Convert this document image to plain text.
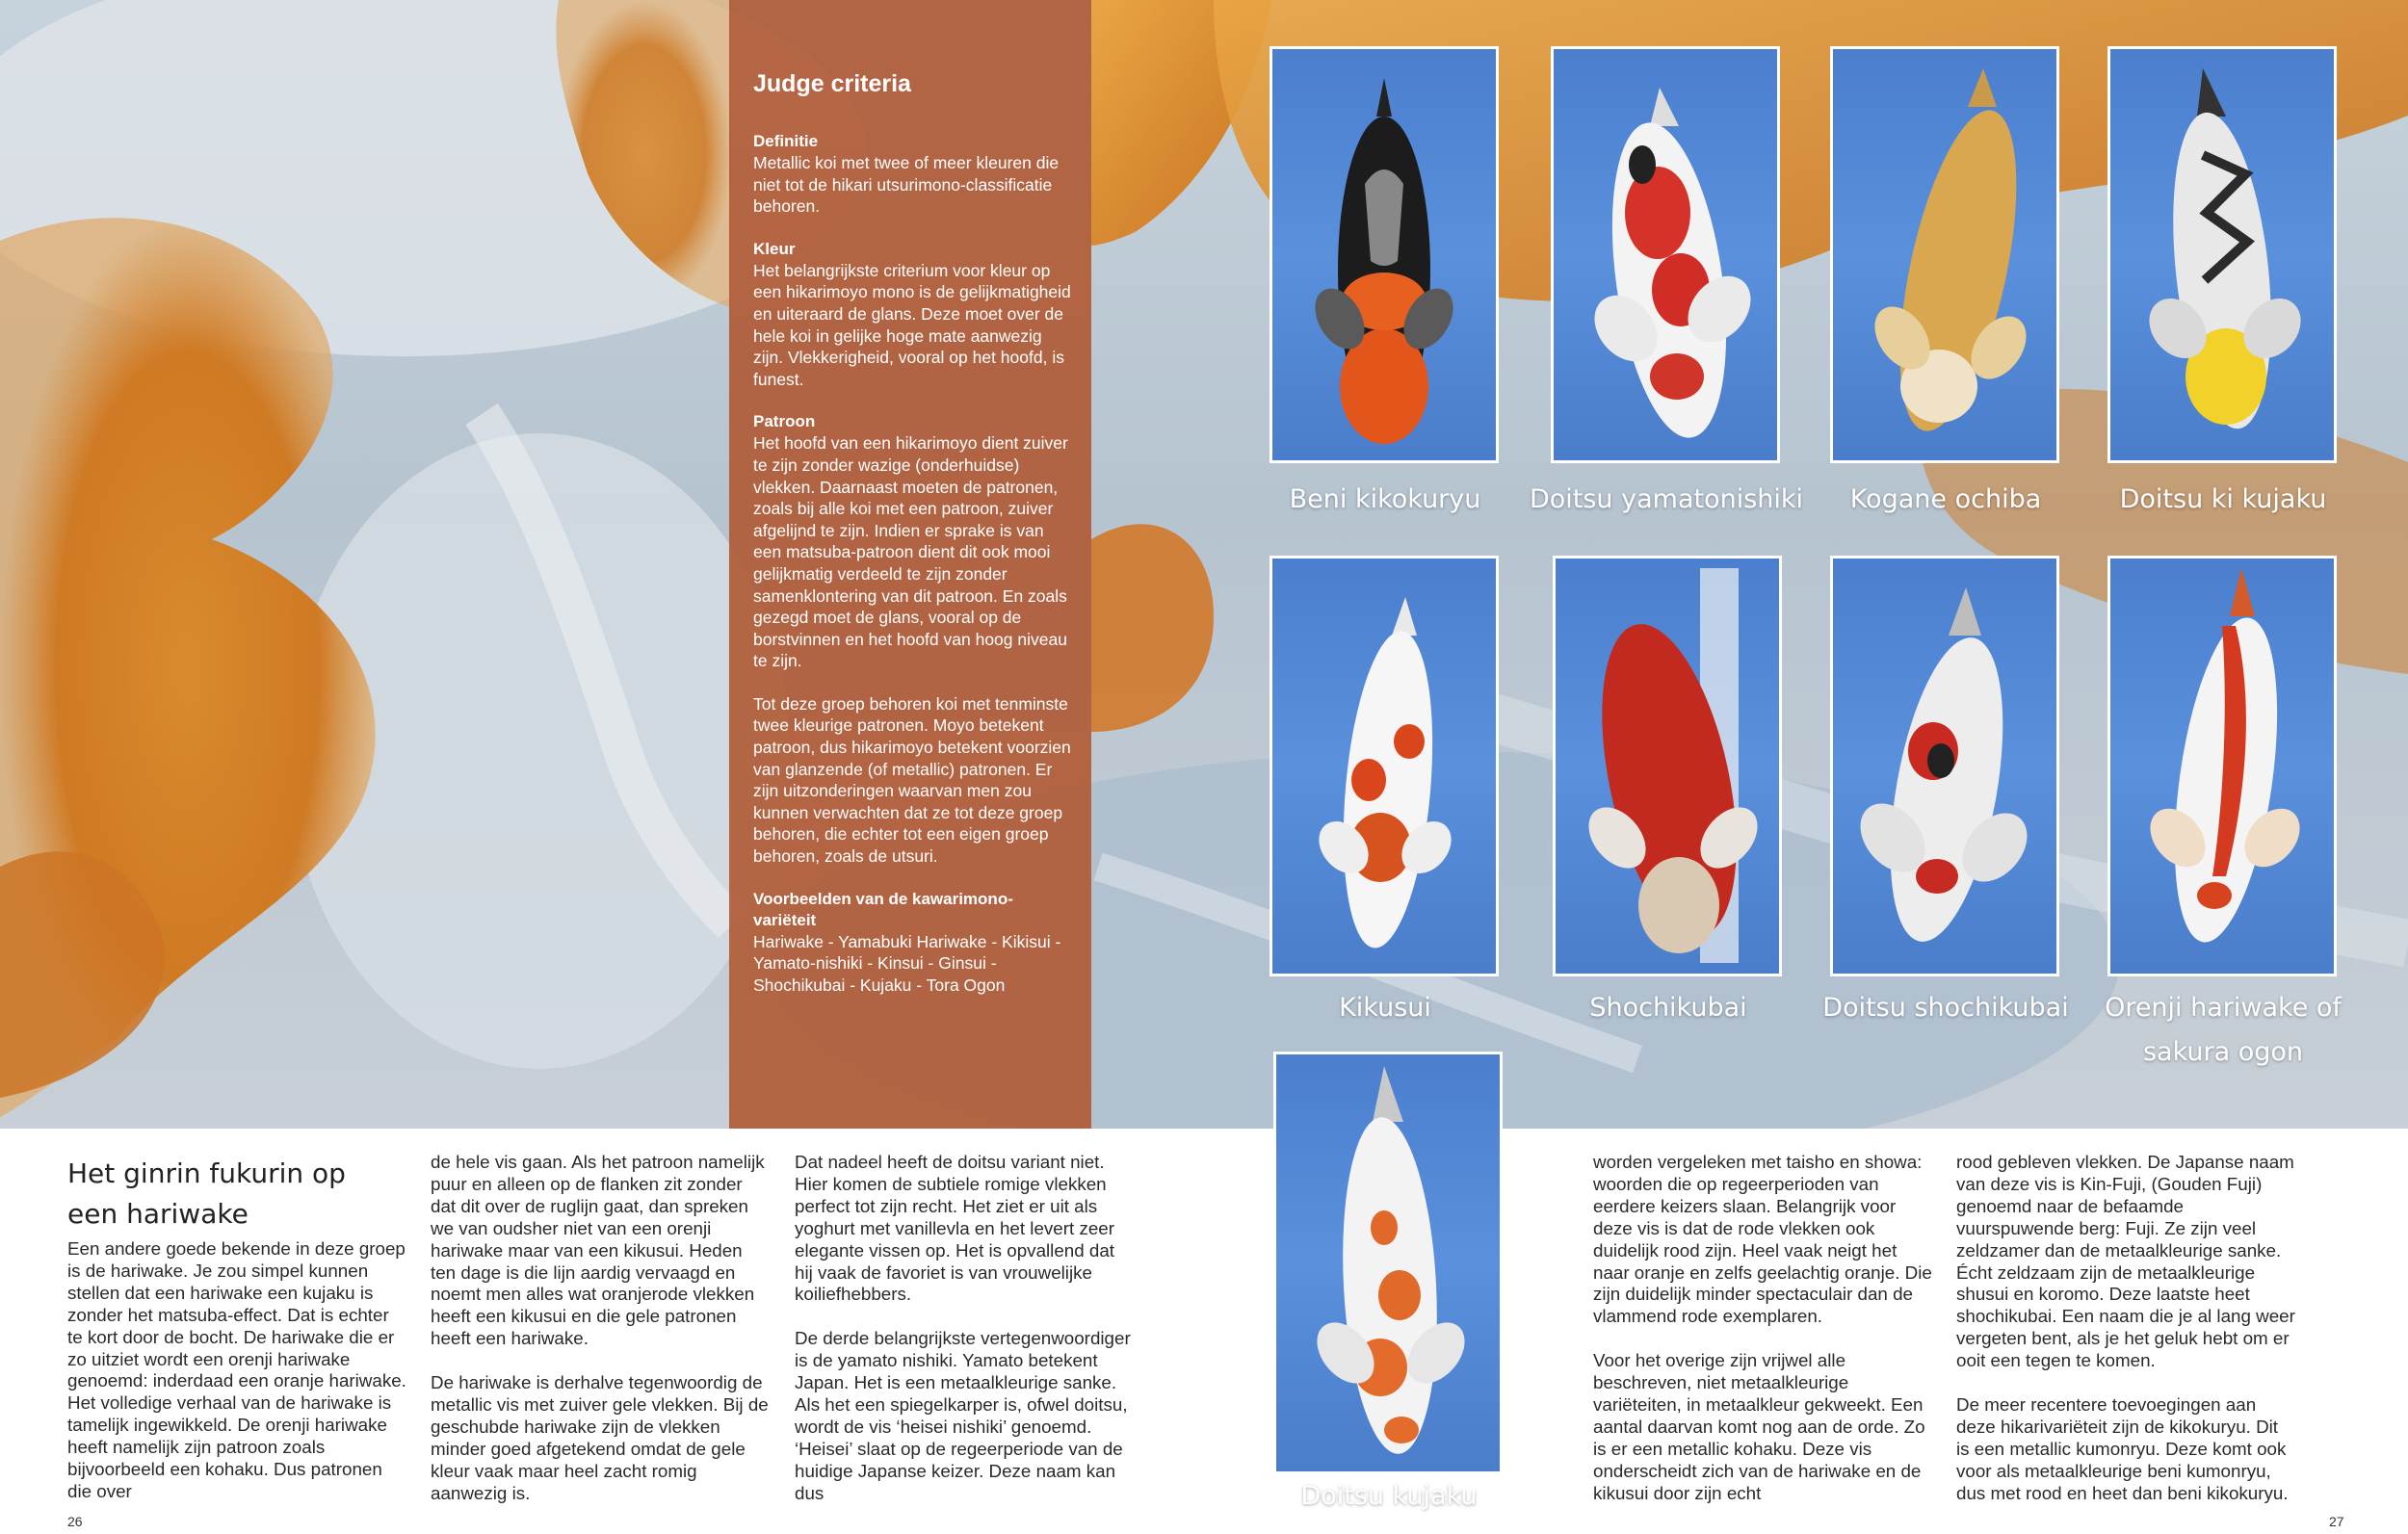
Judge criteria
Definitie

Metallic koi met twee of meer kleuren die niet tot de hikari utsurimono-classificatie behoren.

Kleur

Het belangrijkste criterium voor kleur op een hikarimoyo mono is de gelijkmatigheid en uiteraard de glans. Deze moet over de hele koi in gelijke hoge mate aanwezig zijn. Vlekkerigheid, vooral op het hoofd, is funest.

Patroon

Het hoofd van een hikarimoyo dient zuiver te zijn zonder wazige (onderhuidse) vlekken. Daarnaast moeten de patronen, zoals bij alle koi met een patroon, zuiver afgelijnd te zijn. Indien er sprake is van een matsuba-patroon dient dit ook mooi gelijkmatig verdeeld te zijn zonder samenklontering van dit patroon. En zoals gezegd moet de glans, vooral op de borstvinnen en het hoofd van hoog niveau te zijn.

Tot deze groep behoren koi met tenminste twee kleurige patronen. Moyo betekent patroon, dus hikarimoyo betekent voorzien van glanzende (of metallic) patronen. Er zijn uitzonderingen waarvan men zou kunnen verwachten dat ze tot deze groep behoren, die echter tot een eigen groep behoren, zoals de utsuri.

Voorbeelden van de kawarimono-variëteit

Hariwake - Yamabuki Hariwake - Kikisui - Yamato-nishiki - Kinsui - Ginsui - Shochikubai - Kujaku - Tora Ogon

Beni kikokuryu	Doitsu yamatonishiki	Kogane ochiba	Doitsu ki kujaku
Kikusui	Shochikubai	Doitsu shochikubai	Orenji hariwake of
sakura ogon
Doitsu kujaku
Het ginrin fukurin op
een hariwake

Een andere goede bekende in deze groep is de hariwake. Je zou simpel kunnen stellen dat een hariwake een kujaku is zonder het matsuba-effect. Dat is echter te kort door de bocht. De hariwake die er zo uitziet wordt een orenji hariwake genoemd: inderdaad een oranje hariwake. Het volledige verhaal van de hariwake is tamelijk ingewikkeld. De orenji hariwake heeft namelijk zijn patroon zoals bijvoorbeeld een kohaku. Dus patronen die over

de hele vis gaan. Als het patroon namelijk puur en alleen op de flanken zit zonder dat dit over de ruglijn gaat, dan spreken we van oudsher niet van een orenji hariwake maar van een kikusui. Heden ten dage is die lijn aardig vervaagd en noemt men alles wat oranjerode vlekken heeft een kikusui en die gele patronen heeft een hariwake.

De hariwake is derhalve tegenwoordig de metallic vis met zuiver gele vlekken. Bij de geschubde hariwake zijn de vlekken minder goed afgetekend omdat de gele kleur vaak maar heel zacht romig aanwezig is.

Dat nadeel heeft de doitsu variant niet. Hier komen de subtiele romige vlekken perfect tot zijn recht. Het ziet er uit als yoghurt met vanillevla en het levert zeer elegante vissen op. Het is opvallend dat hij vaak de favoriet is van vrouwelijke koiliefhebbers.

De derde belangrijkste vertegenwoordiger is de yamato nishiki. Yamato betekent Japan. Het is een metaalkleurige sanke. Als het een spiegelkarper is, ofwel doitsu, wordt de vis ‘heisei nishiki’ genoemd. ‘Heisei’ slaat op de regeerperiode van de huidige Japanse keizer. Deze naam kan dus

worden vergeleken met taisho en showa: woorden die op regeerperioden van eerdere keizers slaan. Belangrijk voor deze vis is dat de rode vlekken ook duidelijk rood zijn. Heel vaak neigt het naar oranje en zelfs geelachtig oranje. Die zijn duidelijk minder spectaculair dan de vlammend rode exemplaren.

Voor het overige zijn vrijwel alle beschreven, niet metaalkleurige variëteiten, in metaalkleur gekweekt. Een aantal daarvan komt nog aan de orde. Zo is er een metallic kohaku. Deze vis onderscheidt zich van de hariwake en de kikusui door zijn echt

rood gebleven vlekken. De Japanse naam van deze vis is Kin-Fuji, (Gouden Fuji) genoemd naar de befaamde vuurspuwende berg: Fuji. Ze zijn veel zeldzamer dan de metaalkleurige sanke. Écht zeldzaam zijn de metaalkleurige shusui en koromo. Deze laatste heet shochikubai. Een naam die je al lang weer vergeten bent, als je het geluk hebt om er ooit een tegen te komen.

De meer recentere toevoegingen aan deze hikarivariëteit zijn de kikokuryu. Dit is een metallic kumonryu. Deze komt ook voor als metaalkleurige beni kumonryu, dus met rood en heet dan beni kikokuryu.

26	27
